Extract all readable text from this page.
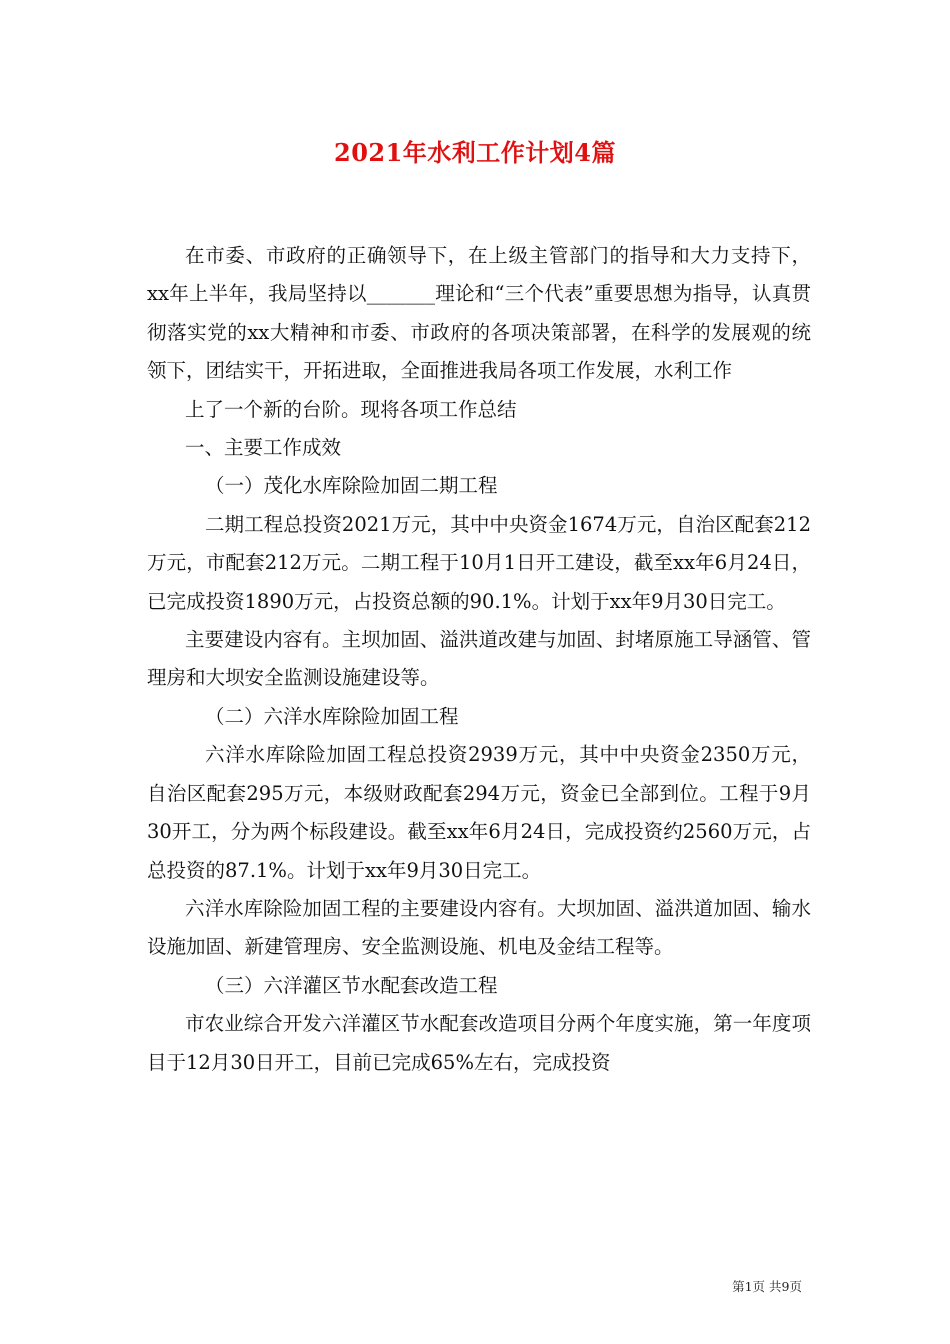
2021年水利工作计划4篇

在市委、市政府的正确领导下，在上级主管部门的指导和大力支持下，xx年上半年，我局坚持以_______理论和“三个代表”重要思想为指导，认真贯彻落实党的xx大精神和市委、市政府的各项决策部署，在科学的发展观的统领下，团结实干，开拓进取，全面推进我局各项工作发展，水利工作

上了一个新的台阶。现将各项工作总结

一、主要工作成效

（一）茂化水库除险加固二期工程

二期工程总投资2021万元，其中中央资金1674万元，自治区配套212万元，市配套212万元。二期工程于10月1日开工建设，截至xx年6月24日，已完成投资1890万元，占投资总额的90.1%。计划于xx年9月30日完工。

主要建设内容有。主坝加固、溢洪道改建与加固、封堵原施工导涵管、管理房和大坝安全监测设施建设等。

（二）六洋水库除险加固工程

六洋水库除险加固工程总投资2939万元，其中中央资金2350万元，自治区配套295万元，本级财政配套294万元，资金已全部到位。工程于9月30开工，分为两个标段建设。截至xx年6月24日，完成投资约2560万元，占总投资的87.1%。计划于xx年9月30日完工。

六洋水库除险加固工程的主要建设内容有。大坝加固、溢洪道加固、输水设施加固、新建管理房、安全监测设施、机电及金结工程等。

（三）六洋灌区节水配套改造工程

市农业综合开发六洋灌区节水配套改造项目分两个年度实施，第一年度项目于12月30日开工，目前已完成65%左右，完成投资

第1页 共9页
